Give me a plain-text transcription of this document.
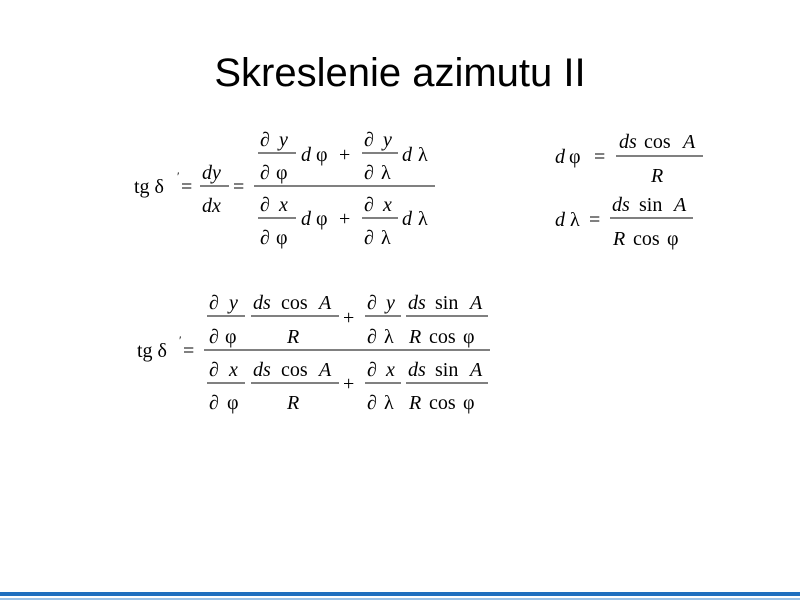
Skreslenie azimutu II
tg δ ′ =
dy
dx
=
∂ y
∂ φ
d φ +
∂ y
∂ λ
d λ
∂ x
∂ φ
d φ +
∂ x
∂ λ
d λ
d φ =
ds cos A
R
d λ =
ds sin A
R cos φ
tg δ ′ =
∂ y
∂ φ
ds cos A
R
+
∂ y
∂ λ
ds sin A
R cos φ
∂ x
∂ φ
ds cos A
R
+
∂ x
∂ λ
ds sin A
R cos φ
